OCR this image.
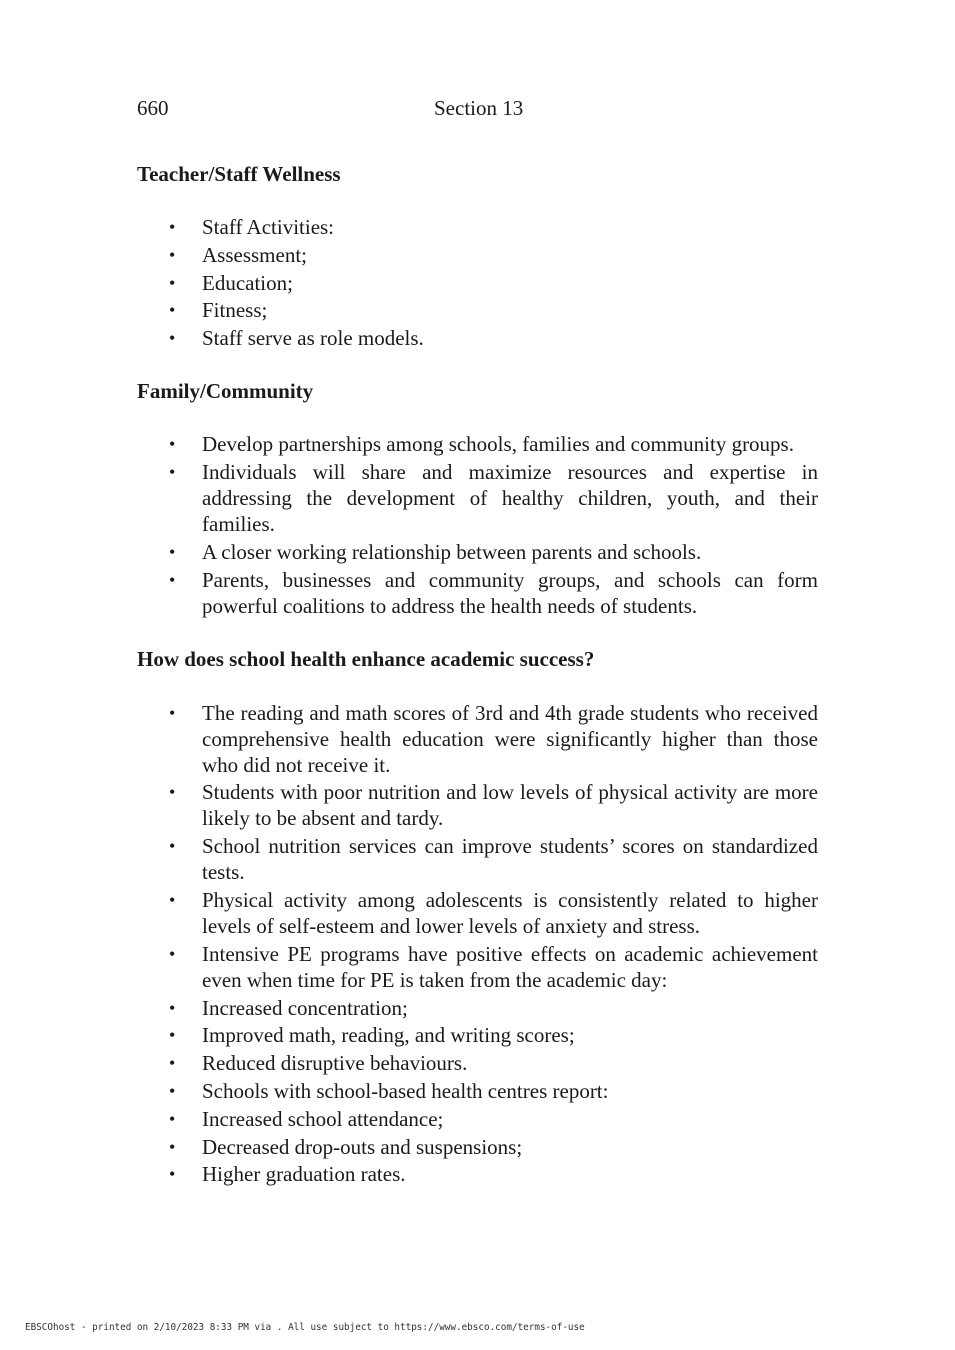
660	Section 13
Teacher/Staff Wellness
• Staff Activities:
• Assessment;
• Education;
• Fitness;
• Staff serve as role models.
Family/Community
• Develop partnerships among schools, families and community groups.
• Individuals will share and maximize resources and expertise in addressing the development of healthy children, youth, and their families.
• A closer working relationship between parents and schools.
• Parents, businesses and community groups, and schools can form powerful coalitions to address the health needs of students.
How does school health enhance academic success?
• The reading and math scores of 3rd and 4th grade students who received comprehensive health education were significantly higher than those who did not receive it.
• Students with poor nutrition and low levels of physical activity are more likely to be absent and tardy.
• School nutrition services can improve students’ scores on standardized tests.
• Physical activity among adolescents is consistently related to higher levels of self-esteem and lower levels of anxiety and stress.
• Intensive PE programs have positive effects on academic achievement even when time for PE is taken from the academic day:
• Increased concentration;
• Improved math, reading, and writing scores;
• Reduced disruptive behaviours.
• Schools with school-based health centres report:
• Increased school attendance;
• Decreased drop-outs and suspensions;
• Higher graduation rates.
EBSCOhost - printed on 2/10/2023 8:33 PM via . All use subject to https://www.ebsco.com/terms-of-use
